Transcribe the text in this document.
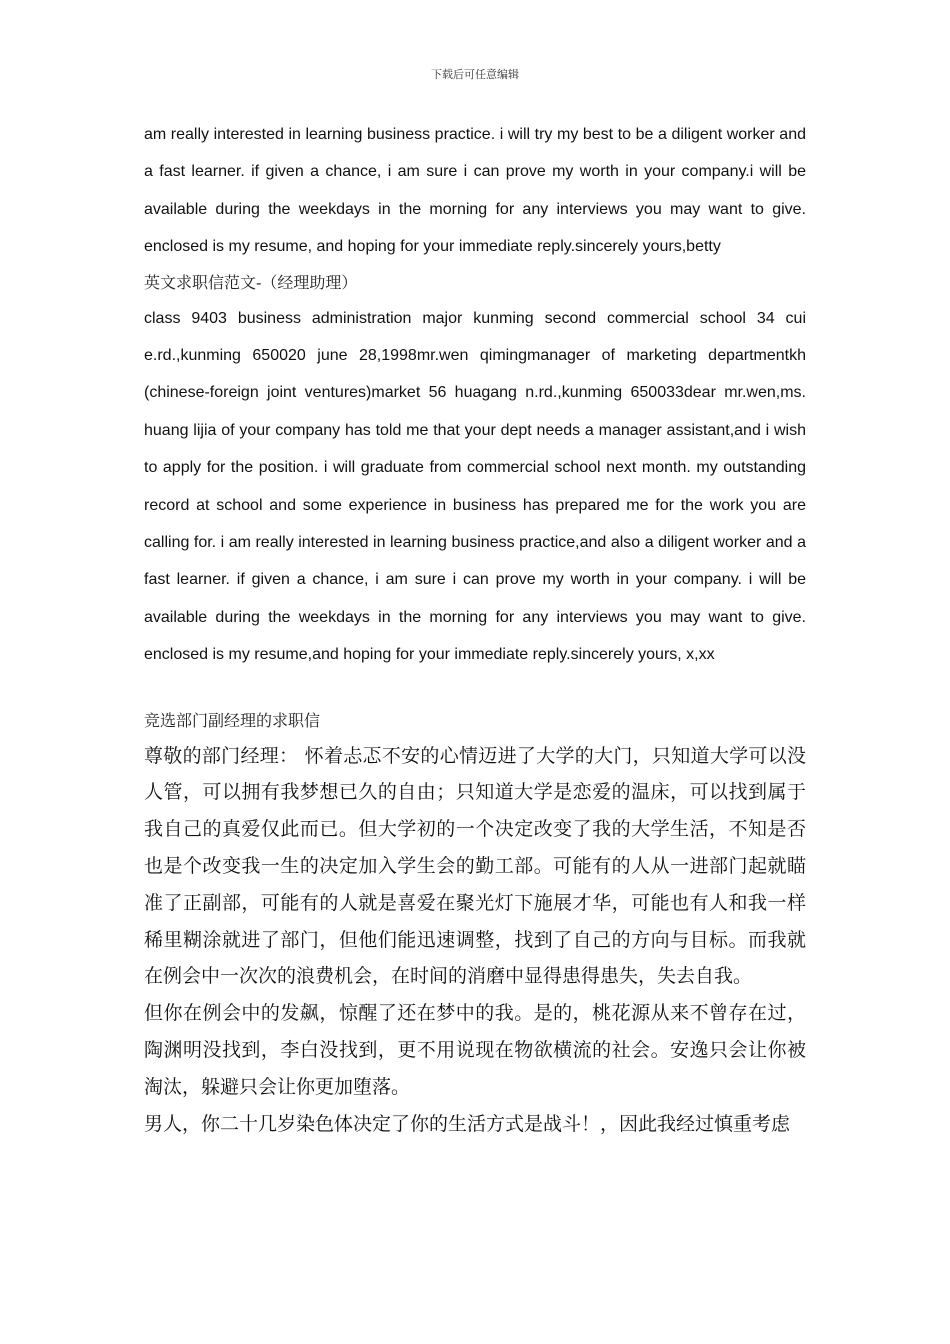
下载后可任意编辑

am really interested in learning business practice. i will try my best to be a diligent worker and a fast learner. if given a chance, i am sure i can prove my worth in your company.i will be available during the weekdays in the morning for any interviews you may want to give. enclosed is my resume, and hoping for your immediate reply.sincerely yours,betty

英文求职信范文-（经理助理）

class 9403 business administration major kunming second commercial school 34 cui e.rd.,kunming 650020 june 28,1998mr.wen qimingmanager of marketing departmentkh (chinese-foreign joint ventures)market 56 huagang n.rd.,kunming 650033dear mr.wen,ms. huang lijia of your company has told me that your dept needs a manager assistant,and i wish to apply for the position. i will graduate from commercial school next month. my outstanding record at school and some experience in business has prepared me for the work you are calling for. i am really interested in learning business practice,and also a diligent worker and a fast learner. if given a chance, i am sure i can prove my worth in your company. i will be available during the weekdays in the morning for any interviews you may want to give. enclosed is my resume,and hoping for your immediate reply.sincerely yours, x,xx

竞选部门副经理的求职信

尊敬的部门经理： 怀着忐忑不安的心情迈进了大学的大门，只知道大学可以没人管，可以拥有我梦想已久的自由；只知道大学是恋爱的温床，可以找到属于我自己的真爱仅此而已。但大学初的一个决定改变了我的大学生活，不知是否也是个改变我一生的决定加入学生会的勤工部。可能有的人从一进部门起就瞄准了正副部，可能有的人就是喜爱在聚光灯下施展才华，可能也有人和我一样稀里糊涂就进了部门，但他们能迅速调整，找到了自己的方向与目标。而我就在例会中一次次的浪费机会，在时间的消磨中显得患得患失，失去自我。

但你在例会中的发飙，惊醒了还在梦中的我。是的，桃花源从来不曾存在过，陶渊明没找到，李白没找到，更不用说现在物欲横流的社会。安逸只会让你被淘汰，躲避只会让你更加堕落。

男人，你二十几岁染色体决定了你的生活方式是战斗！，因此我经过慎重考虑
